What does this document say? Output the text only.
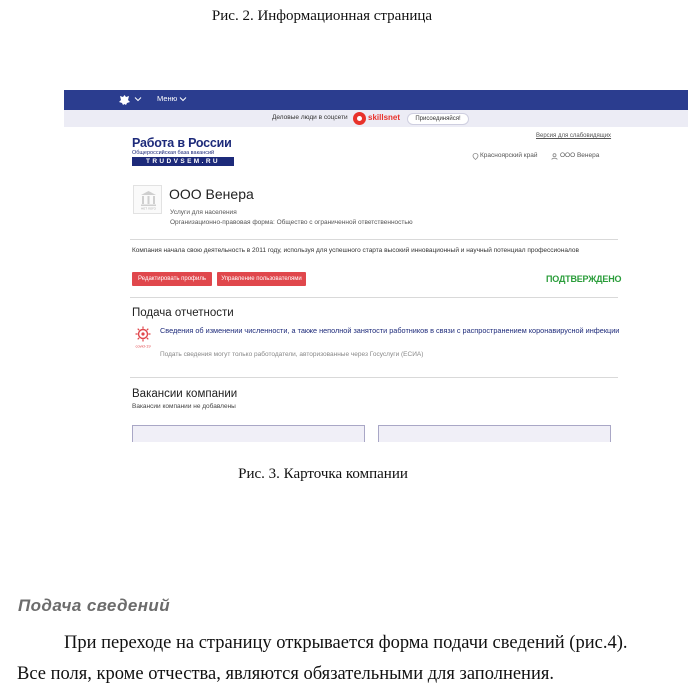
Рис. 2. Информационная страница
Меню
Деловые люди в соцсети	skillsnet	Присоединяйся!
Работа в России
Общероссийская база вакансий
TRUDVSEM.RU
Версия для слабовидящих
Красноярский край	ООО Венера
НЕТ ЛОГО
ООО Венера
Услуги для населения
Организационно-правовая форма: Общество с ограниченной ответственностью
Компания начала свою деятельность в 2011 году, используя для успешного старта высокий инновационный и научный потенциал профессионалов
Редактировать профиль	Управление пользователями	ПОДТВЕРЖДЕНО
Подача отчетности
covid-19
Сведения об изменении численности, а также неполной занятости работников в связи с распространением коронавирусной инфекции
Подать сведения могут только работодатели, авторизованные через Госуслуги (ЕСИА)
Вакансии компании
Вакансии компании не добавлены
Рис. 3. Карточка компании
Подача сведений
При переходе на страницу открывается форма подачи сведений (рис.4).
Все поля, кроме отчества, являются обязательными для заполнения.
